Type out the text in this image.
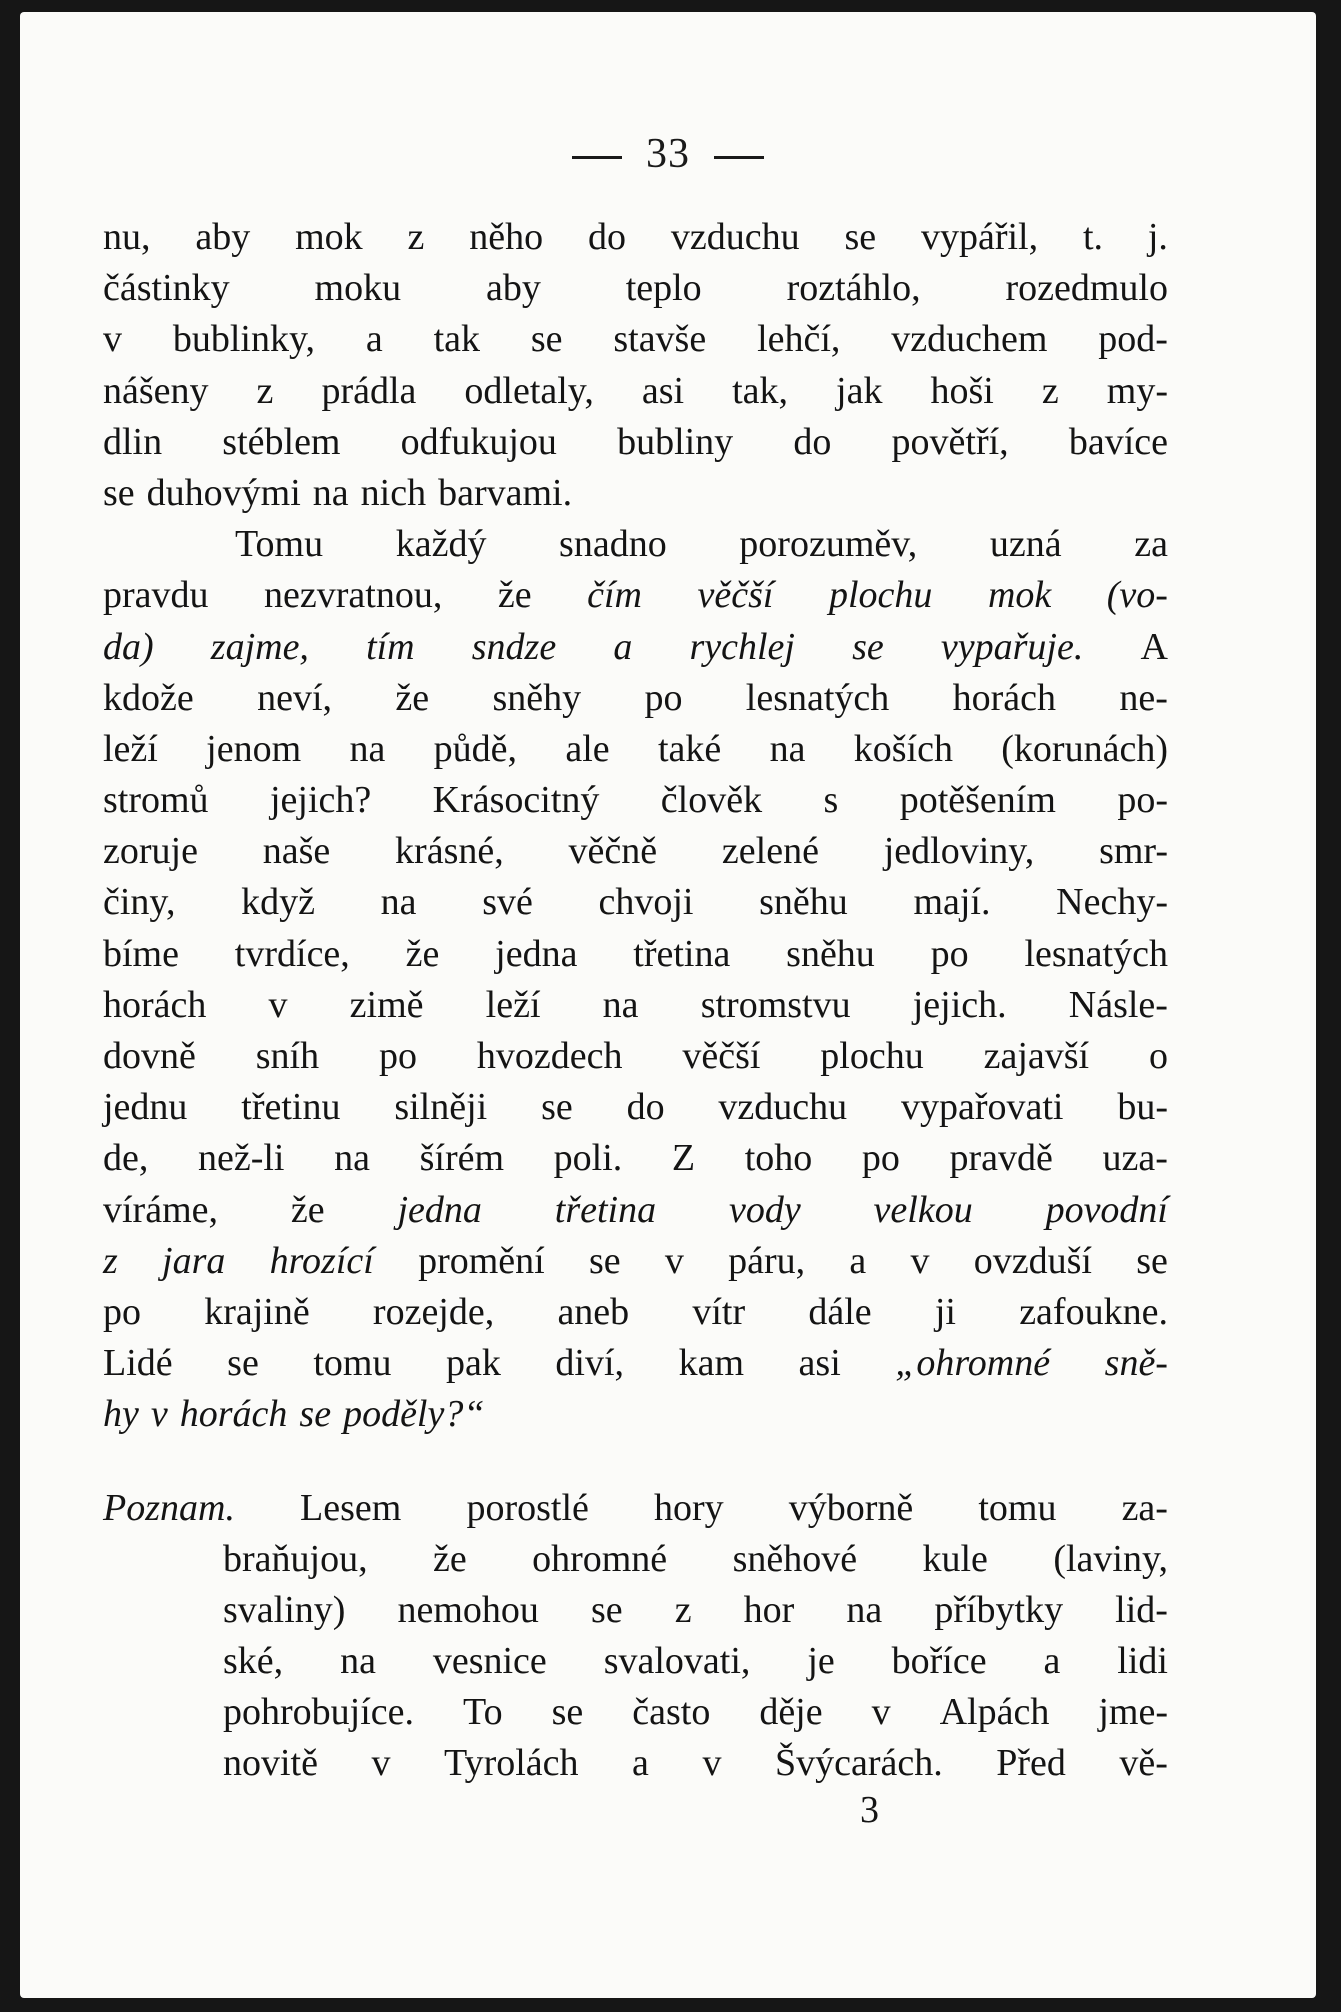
33
nu, aby mok z něho do vzduchu se vypářil, t. j.
částinky moku aby teplo roztáhlo, rozedmulo
v bublinky, a tak se stavše lehčí, vzduchem pod-
nášeny z prádla odletaly, asi tak, jak hoši z my-
dlin stéblem odfukujou bubliny do povětří, bavíce
se duhovými na nich barvami.
Tomu každý snadno porozuměv, uzná za
pravdu nezvratnou, že čím věčší plochu mok (vo-
da) zajme, tím sndze a rychlej se vypařuje. A
kdože neví, že sněhy po lesnatých horách ne-
leží jenom na půdě, ale také na koších (korunách)
stromů jejich? Krásocitný člověk s potěšením po-
zoruje naše krásné, věčně zelené jedloviny, smr-
činy, když na své chvoji sněhu mají. Nechy-
bíme tvrdíce, že jedna třetina sněhu po lesnatých
horách v zimě leží na stromstvu jejich. Násle-
dovně sníh po hvozdech věčší plochu zajavší o
jednu třetinu silněji se do vzduchu vypařovati bu-
de, než-li na šírém poli. Z toho po pravdě uza-
víráme, že jedna třetina vody velkou povodní
z jara hrozící promění se v páru, a v ovzduší se
po krajině rozejde, aneb vítr dále ji zafoukne.
Lidé se tomu pak diví, kam asi „ohromné sně-
hy v horách se poděly?“
Poznam. Lesem porostlé hory výborně tomu za-
braňujou, že ohromné sněhové kule (laviny,
svaliny) nemohou se z hor na příbytky lid-
ské, na vesnice svalovati, je boříce a lidi
pohrobujíce. To se často děje v Alpách jme-
novitě v Tyrolách a v Švýcarách. Před vě-
3
